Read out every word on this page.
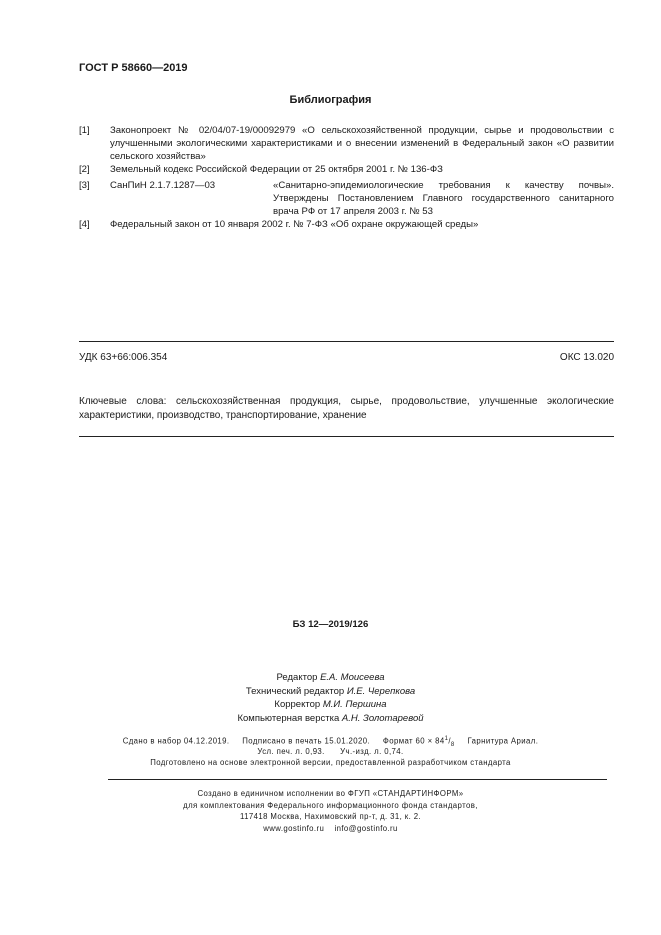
ГОСТ Р 58660—2019
Библиография
[1] Законопроект № 02/04/07-19/00092979 «О сельскохозяйственной продукции, сырье и продовольствии с улучшенными экологическими характеристиками и о внесении изменений в Федеральный закон «О развитии сельского хозяйства»
[2] Земельный кодекс Российской Федерации от 25 октября 2001 г. № 136-ФЗ
[3] СанПиН 2.1.7.1287—03	«Санитарно-эпидемиологические требования к качеству почвы». Утверждены Постановлением Главного государственного санитарного врача РФ от 17 апреля 2003 г. № 53
[4] Федеральный закон от 10 января 2002 г. № 7-ФЗ «Об охране окружающей среды»
УДК 63+66:006.354	ОКС 13.020
Ключевые слова: сельскохозяйственная продукция, сырье, продовольствие, улучшенные экологические характеристики, производство, транспортирование, хранение
БЗ 12—2019/126
Редактор Е.А. Моисеева
Технический редактор И.Е. Черепкова
Корректор М.И. Першина
Компьютерная верстка А.Н. Золотаревой
Сдано в набор 04.12.2019.     Подписано в печать 15.01.2020.     Формат $60 \times 84^1/_8$     Гарнитура Ариал.
Усл. печ. л. 0,93.      Уч.-изд. л. 0,74.
Подготовлено на основе электронной версии, предоставленной разработчиком стандарта
Создано в единичном исполнении во ФГУП «СТАНДАРТИНФОРМ»
для комплектования Федерального информационного фонда стандартов,
117418 Москва, Нахимовский пр-т, д. 31, к. 2.
www.gostinfo.ru info@gostinfo.ru
